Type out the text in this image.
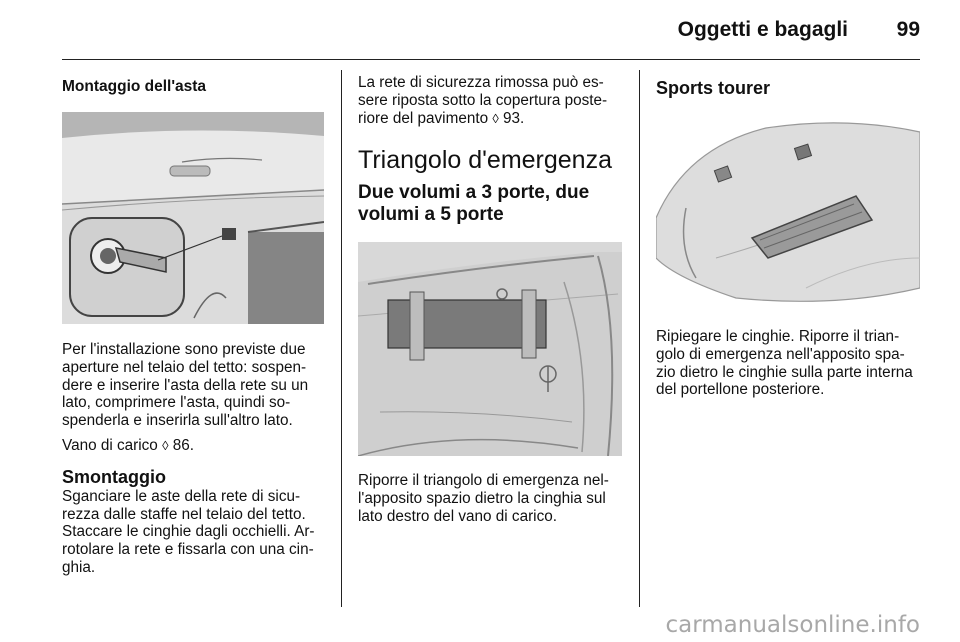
Oggetti e bagagli 99
Montaggio dell'asta
Per l'installazione sono previste due aperture nel telaio del tetto: sospen-dere e inserire l'asta della rete su un lato, comprimere l'asta, quindi so-spenderla e inserirla sull'altro lato.
Vano di carico ◊ 86.
Smontaggio
Sganciare le aste della rete di sicu-rezza dalle staffe nel telaio del tetto. Staccare le cinghie dagli occhielli. Ar-rotolare la rete e fissarla con una cin-ghia.
La rete di sicurezza rimossa può es-sere riposta sotto la copertura poste-riore del pavimento ◊ 93.
Triangolo d'emergenza
Due volumi a 3 porte, due volumi a 5 porte
Riporre il triangolo di emergenza nel-l'apposito spazio dietro la cinghia sul lato destro del vano di carico.
Sports tourer
Ripiegare le cinghie. Riporre il trian-golo di emergenza nell'apposito spa-zio dietro le cinghie sulla parte interna del portellone posteriore.
carmanualsonline.info
